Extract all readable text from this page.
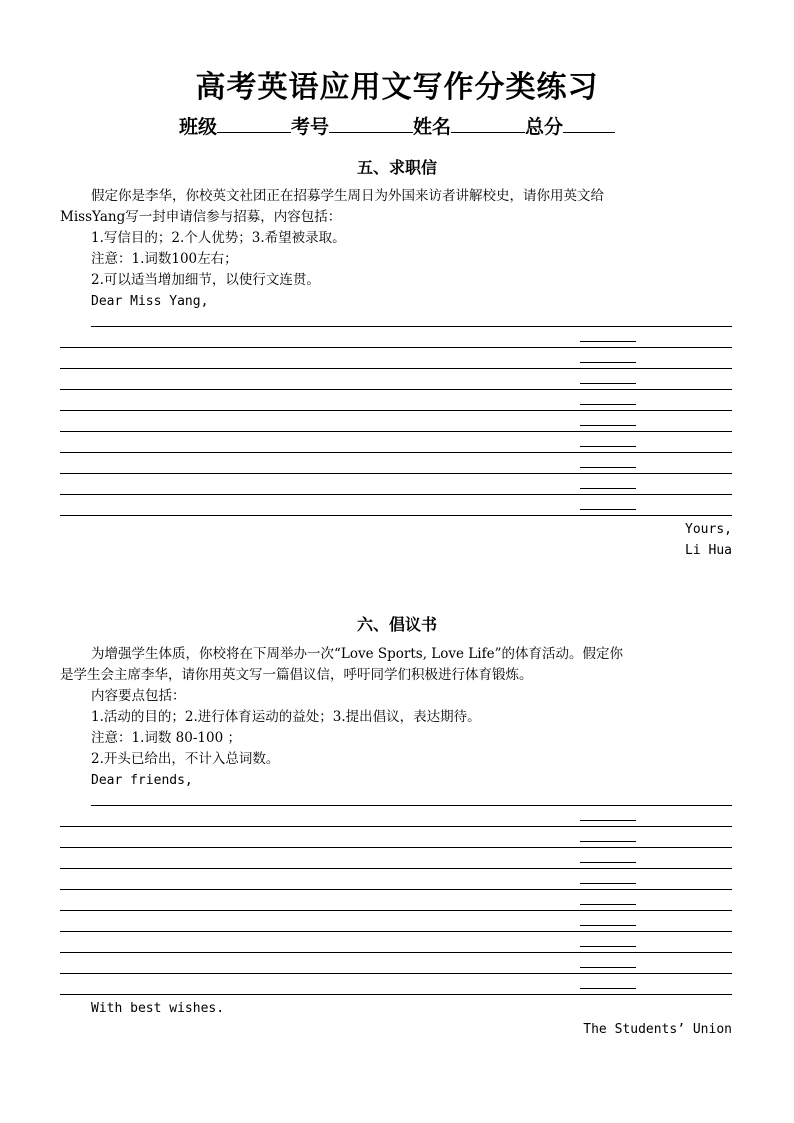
高考英语应用文写作分类练习
班级	考号	姓名	总分
五、求职信
假定你是李华，你校英文社团正在招募学生周日为外国来访者讲解校史，请你用英文给
MissYang写一封申请信参与招募，内容包括：
1.写信目的；2.个人优势；3.希望被录取。
注意：1.词数100左右；
2.可以适当增加细节，以使行文连贯。
Dear Miss Yang,
Yours,
Li Hua
六、倡议书
为增强学生体质，你校将在下周举办一次“Love Sports, Love Life”的体育活动。假定你
是学生会主席李华，请你用英文写一篇倡议信，呼吁同学们积极进行体育锻炼。
内容要点包括：
1.活动的目的；2.进行体育运动的益处；3.提出倡议，表达期待。
注意：1.词数 80-100 ；
2.开头已给出，不计入总词数。
Dear friends,
With best wishes.
The Students’ Union
